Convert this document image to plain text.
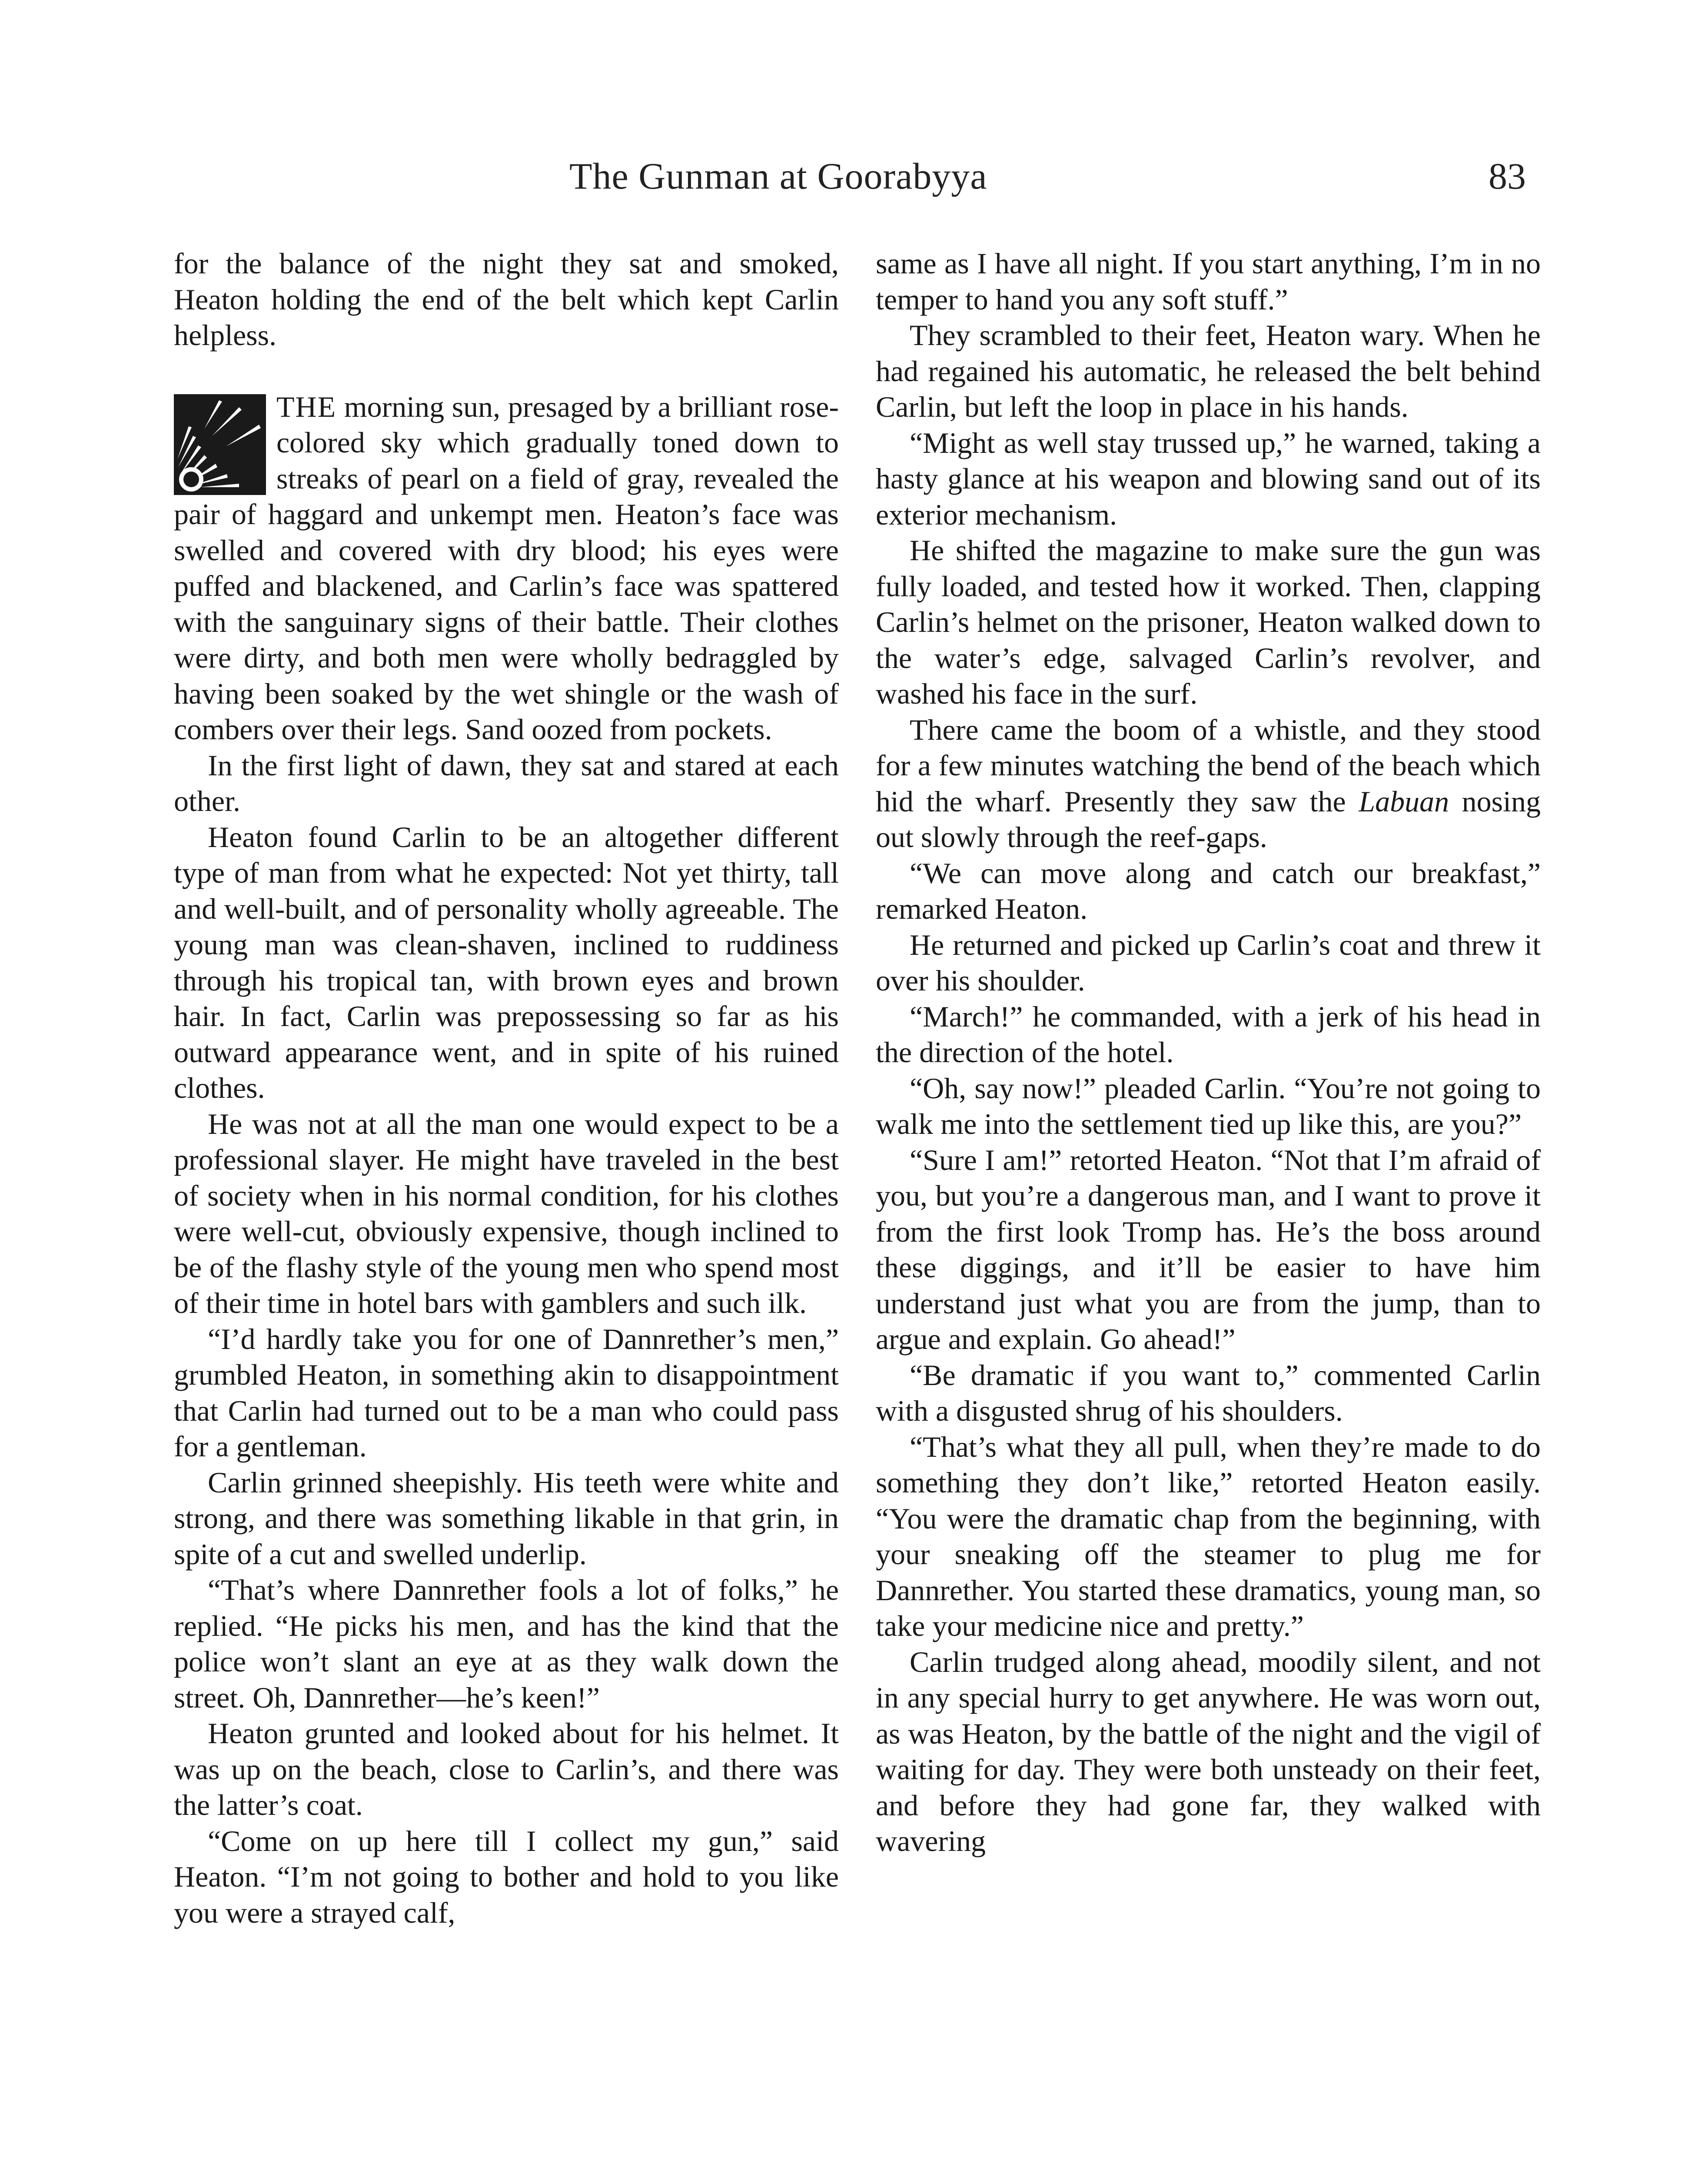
The Gunman at Goorabyya	83

for the balance of the night they sat and smoked, Heaton holding the end of the belt which kept Carlin helpless.

THE morning sun, presaged by a brilliant rose-colored sky which gradually toned down to streaks of pearl on a field of gray, revealed the pair of haggard and unkempt men. Heaton’s face was swelled and covered with dry blood; his eyes were puffed and blackened, and Carlin’s face was spattered with the sanguinary signs of their battle. Their clothes were dirty, and both men were wholly bedraggled by having been soaked by the wet shingle or the wash of combers over their legs. Sand oozed from pockets.

In the first light of dawn, they sat and stared at each other.

Heaton found Carlin to be an altogether different type of man from what he expected: Not yet thirty, tall and well-built, and of personality wholly agreeable. The young man was clean-shaven, inclined to ruddiness through his tropical tan, with brown eyes and brown hair. In fact, Carlin was prepossessing so far as his outward appearance went, and in spite of his ruined clothes.

He was not at all the man one would expect to be a professional slayer. He might have traveled in the best of society when in his normal condition, for his clothes were well-cut, obviously expensive, though inclined to be of the flashy style of the young men who spend most of their time in hotel bars with gamblers and such ilk.

“I’d hardly take you for one of Dannrether’s men,” grumbled Heaton, in something akin to disappointment that Carlin had turned out to be a man who could pass for a gentleman.

Carlin grinned sheepishly. His teeth were white and strong, and there was something likable in that grin, in spite of a cut and swelled underlip.

“That’s where Dannrether fools a lot of folks,” he replied. “He picks his men, and has the kind that the police won’t slant an eye at as they walk down the street. Oh, Dannrether—he’s keen!”

Heaton grunted and looked about for his helmet. It was up on the beach, close to Carlin’s, and there was the latter’s coat.

“Come on up here till I collect my gun,” said Heaton. “I’m not going to bother and hold to you like you were a strayed calf,

same as I have all night. If you start anything, I’m in no temper to hand you any soft stuff.”

They scrambled to their feet, Heaton wary. When he had regained his automatic, he released the belt behind Carlin, but left the loop in place in his hands.

“Might as well stay trussed up,” he warned, taking a hasty glance at his weapon and blowing sand out of its exterior mechanism.

He shifted the magazine to make sure the gun was fully loaded, and tested how it worked. Then, clapping Carlin’s helmet on the prisoner, Heaton walked down to the water’s edge, salvaged Carlin’s revolver, and washed his face in the surf.

There came the boom of a whistle, and they stood for a few minutes watching the bend of the beach which hid the wharf. Presently they saw the Labuan nosing out slowly through the reef-gaps.

“We can move along and catch our breakfast,” remarked Heaton.

He returned and picked up Carlin’s coat and threw it over his shoulder.

“March!” he commanded, with a jerk of his head in the direction of the hotel.

“Oh, say now!” pleaded Carlin. “You’re not going to walk me into the settlement tied up like this, are you?”

“Sure I am!” retorted Heaton. “Not that I’m afraid of you, but you’re a dangerous man, and I want to prove it from the first look Tromp has. He’s the boss around these diggings, and it’ll be easier to have him understand just what you are from the jump, than to argue and explain. Go ahead!”

“Be dramatic if you want to,” commented Carlin with a disgusted shrug of his shoulders.

“That’s what they all pull, when they’re made to do something they don’t like,” retorted Heaton easily. “You were the dramatic chap from the beginning, with your sneaking off the steamer to plug me for Dannrether. You started these dramatics, young man, so take your medicine nice and pretty.”

Carlin trudged along ahead, moodily silent, and not in any special hurry to get anywhere. He was worn out, as was Heaton, by the battle of the night and the vigil of waiting for day. They were both unsteady on their feet, and before they had gone far, they walked with wavering
